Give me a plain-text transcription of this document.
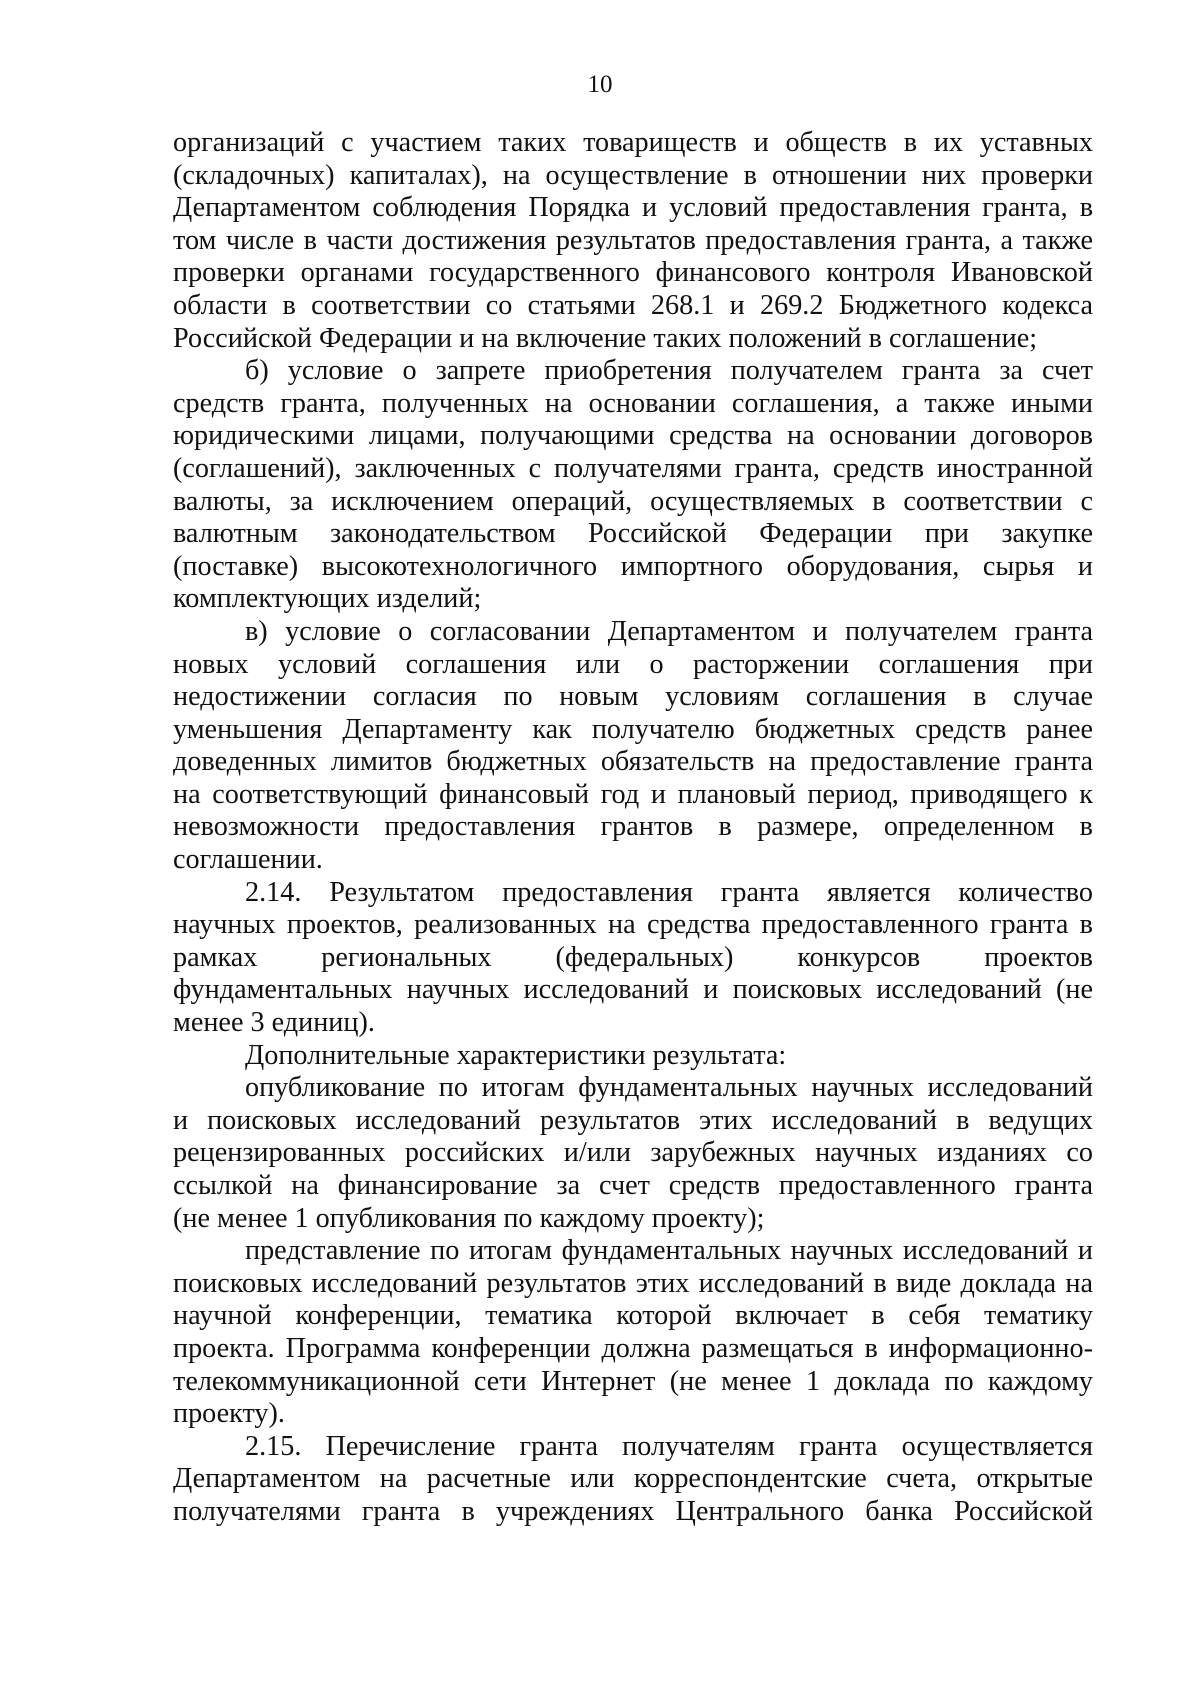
10
организаций с участием таких товариществ и обществ в их уставных
(складочных) капиталах), на осуществление в отношении них проверки
Департаментом соблюдения Порядка и условий предоставления гранта, в
том числе в части достижения результатов предоставления гранта, а также
проверки органами государственного финансового контроля Ивановской
области в соответствии со статьями 268.1 и 269.2 Бюджетного кодекса
Российской Федерации и на включение таких положений в соглашение;
б) условие о запрете приобретения получателем гранта за счет
средств гранта, полученных на основании соглашения, а также иными
юридическими лицами, получающими средства на основании договоров
(соглашений), заключенных с получателями гранта, средств иностранной
валюты, за исключением операций, осуществляемых в соответствии с
валютным законодательством Российской Федерации при закупке
(поставке) высокотехнологичного импортного оборудования, сырья и
комплектующих изделий;
в) условие о согласовании Департаментом и получателем гранта
новых условий соглашения или о расторжении соглашения при
недостижении согласия по новым условиям соглашения в случае
уменьшения Департаменту как получателю бюджетных средств ранее
доведенных лимитов бюджетных обязательств на предоставление гранта
на соответствующий финансовый год и плановый период, приводящего к
невозможности предоставления грантов в размере, определенном в
соглашении.
2.14. Результатом предоставления гранта является количество
научных проектов, реализованных на средства предоставленного гранта в
рамках региональных (федеральных) конкурсов проектов
фундаментальных научных исследований и поисковых исследований (не
менее 3 единиц).
Дополнительные характеристики результата:
опубликование по итогам фундаментальных научных исследований
и поисковых исследований результатов этих исследований в ведущих
рецензированных российских и/или зарубежных научных изданиях со
ссылкой на финансирование за счет средств предоставленного гранта
(не менее 1 опубликования по каждому проекту);
представление по итогам фундаментальных научных исследований и
поисковых исследований результатов этих исследований в виде доклада на
научной конференции, тематика которой включает в себя тематику
проекта. Программа конференции должна размещаться в информационно-
телекоммуникационной сети Интернет (не менее 1 доклада по каждому
проекту).
2.15. Перечисление гранта получателям гранта осуществляется
Департаментом на расчетные или корреспондентские счета, открытые
получателями гранта в учреждениях Центрального банка Российской
